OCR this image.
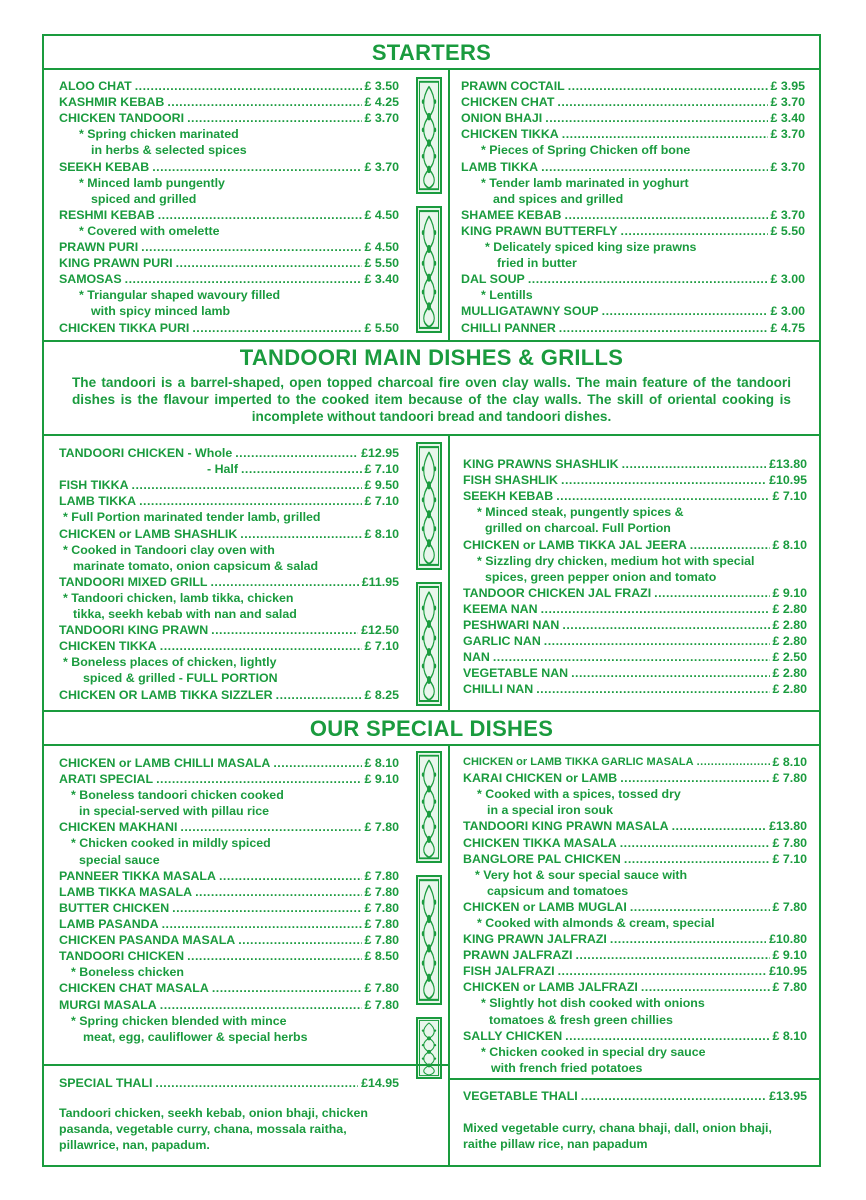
STARTERS
ALOO CHAT .....	£ 3.50
KASHMIR KEBAB .....	£ 4.25
CHICKEN TANDOORI .....	£ 3.70
* Spring chicken marinated
in herbs & selected spices
SEEKH KEBAB .....	£ 3.70
* Minced lamb pungently
spiced and grilled
RESHMI KEBAB .....	£ 4.50
* Covered with omelette
PRAWN PURI .....	£ 4.50
KING PRAWN PURI .....	£ 5.50
SAMOSAS .....	£ 3.40
* Triangular shaped wavoury filled
with spicy minced lamb
CHICKEN TIKKA PURI .....	£ 5.50
PRAWN COCTAIL .....	£ 3.95
CHICKEN CHAT .....	£ 3.70
ONION BHAJI .....	£ 3.40
CHICKEN TIKKA .....	£ 3.70
* Pieces of Spring Chicken off bone
LAMB TIKKA .....	£ 3.70
* Tender lamb marinated in yoghurt
and spices and grilled
SHAMEE KEBAB .....	£ 3.70
KING PRAWN BUTTERFLY .....	£ 5.50
* Delicately spiced king size prawns
fried in butter
DAL SOUP .....	£ 3.00
* Lentills
MULLIGATAWNY SOUP .....	£ 3.00
CHILLI PANNER .....	£ 4.75
TANDOORI MAIN DISHES & GRILLS
The tandoori is a barrel-shaped, open topped charcoal fire oven clay walls. The main feature of the tandoori dishes is the flavour imperted to the cooked item because of the clay walls. The skill of oriental cooking is incomplete without tandoori bread and tandoori dishes.
TANDOORI CHICKEN - Whole .....	£12.95
- Half .....	£ 7.10
FISH TIKKA .....	£ 9.50
LAMB TIKKA .....	£ 7.10
* Full Portion marinated tender lamb, grilled
CHICKEN or LAMB SHASHLIK .....	£ 8.10
* Cooked in Tandoori clay oven with
marinate tomato, onion capsicum & salad
TANDOORI MIXED GRILL .....	£11.95
* Tandoori chicken, lamb tikka, chicken
tikka, seekh kebab with nan and salad
TANDOORI KING PRAWN .....	£12.50
CHICKEN TIKKA .....	£ 7.10
* Boneless places of chicken, lightly
spiced & grilled - FULL PORTION
CHICKEN OR LAMB TIKKA SIZZLER .....	£ 8.25
KING PRAWNS SHASHLIK .....	£13.80
FISH SHASHLIK .....	£10.95
SEEKH KEBAB .....	£ 7.10
* Minced steak, pungently spices &
grilled on charcoal. Full Portion
CHICKEN or LAMB TIKKA JAL JEERA .....	£ 8.10
* Sizzling dry chicken, medium hot with special
spices, green pepper onion and tomato
TANDOOR CHICKEN JAL FRAZI .....	£ 9.10
KEEMA NAN .....	£ 2.80
PESHWARI NAN .....	£ 2.80
GARLIC NAN .....	£ 2.80
NAN .....	£ 2.50
VEGETABLE NAN .....	£ 2.80
CHILLI NAN .....	£ 2.80
OUR SPECIAL DISHES
CHICKEN or LAMB CHILLI MASALA .....	£ 8.10
ARATI SPECIAL .....	£ 9.10
* Boneless tandoori chicken cooked
in special-served with pillau rice
CHICKEN MAKHANI .....	£ 7.80
* Chicken cooked in mildly spiced
special sauce
PANNEER TIKKA MASALA .....	£ 7.80
LAMB TIKKA MASALA .....	£ 7.80
BUTTER CHICKEN .....	£ 7.80
LAMB PASANDA .....	£ 7.80
CHICKEN PASANDA MASALA .....	£ 7.80
TANDOORI CHICKEN .....	£ 8.50
* Boneless chicken
CHICKEN CHAT MASALA .....	£ 7.80
MURGI MASALA .....	£ 7.80
* Spring chicken blended with mince
meat, egg, cauliflower & special herbs
CHICKEN or LAMB TIKKA GARLIC MASALA .....	£ 8.10
KARAI CHICKEN or LAMB .....	£ 7.80
* Cooked with a spices, tossed dry
in a special iron souk
TANDOORI KING PRAWN MASALA .....	£13.80
CHICKEN TIKKA MASALA .....	£ 7.80
BANGLORE PAL CHICKEN .....	£ 7.10
* Very hot & sour special sauce with
capsicum and tomatoes
CHICKEN or LAMB MUGLAI .....	£ 7.80
* Cooked with almonds & cream, special
KING PRAWN JALFRAZI .....	£10.80
PRAWN JALFRAZI .....	£ 9.10
FISH JALFRAZI .....	£10.95
CHICKEN or LAMB JALFRAZI .....	£ 7.80
* Slightly hot dish cooked with onions
tomatoes & fresh green chillies
SALLY CHICKEN .....	£ 8.10
* Chicken cooked in special dry sauce
with french fried potatoes
SPECIAL THALI .....	£14.95
Tandoori chicken, seekh kebab, onion bhaji, chicken pasanda, vegetable curry, chana, mossala raitha, pillawrice, nan, papadum.
VEGETABLE THALI .....	£13.95
Mixed vegetable curry, chana bhaji, dall, onion bhaji, raithe pillaw rice, nan papadum
